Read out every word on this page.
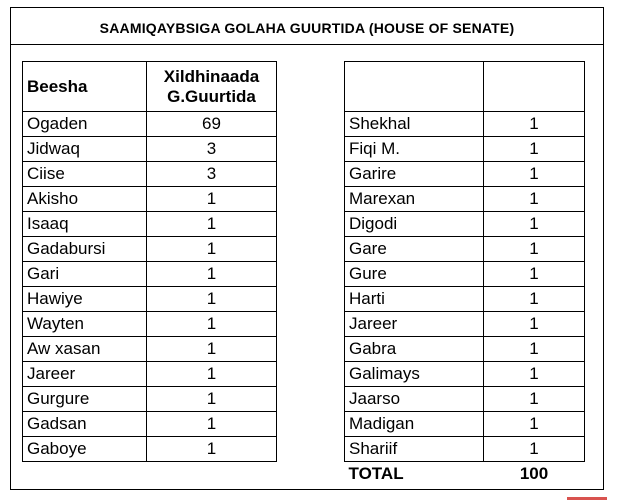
SAAMIQAYBSIGA GOLAHA GUURTIDA (HOUSE OF SENATE)
Beesha	Xildhinaada
G.Guurtida

Ogaden	69
Jidwaq	3
Ciise	3
Akisho	1
Isaaq	1
Gadabursi	1
Gari	1
Hawiye	1
Wayten	1
Aw xasan	1
Jareer	1
Gurgure	1
Gadsan	1
Gaboye	1

Shekhal	1
Fiqi M.	1
Garire	1
Marexan	1
Digodi	1
Gare	1
Gure	1
Harti	1
Jareer	1
Gabra	1
Galimays	1
Jaarso	1
Madigan	1
Shariif	1
TOTAL	100
